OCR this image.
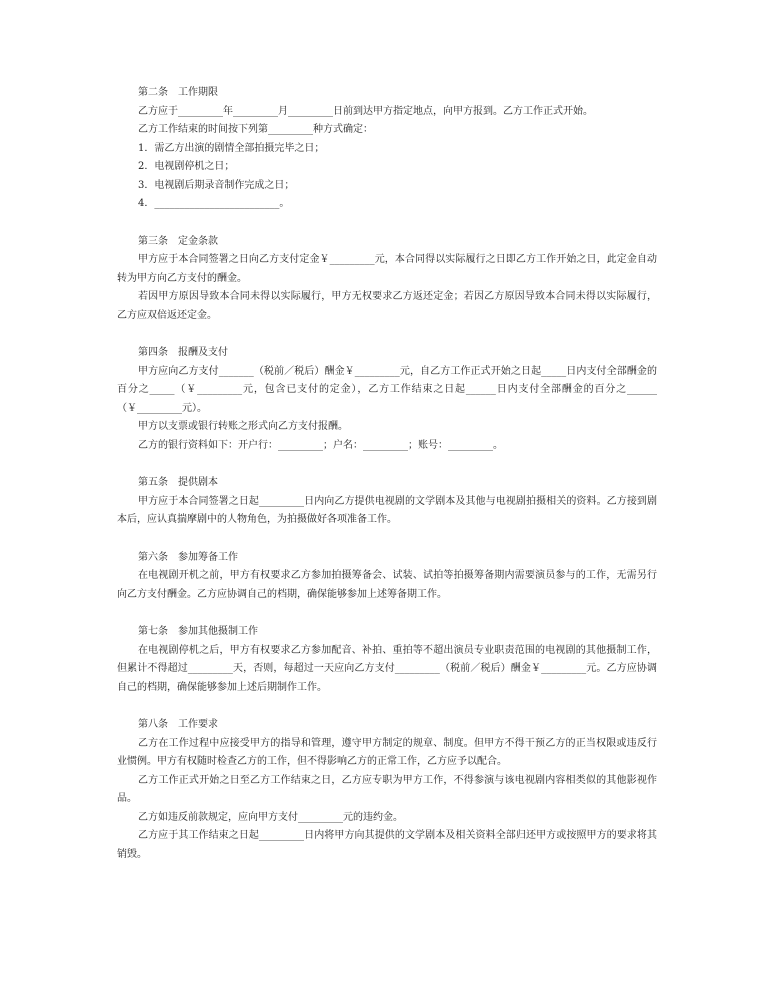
第二条　工作期限

乙方应于_________年_________月_________日前到达甲方指定地点，向甲方报到。乙方工作正式开始。

乙方工作结束的时间按下列第_________种方式确定：

1．需乙方出演的剧情全部拍摄完毕之日；

2．电视剧停机之日；

3．电视剧后期录音制作完成之日；

4．_________________________。

第三条　定金条款

甲方应于本合同签署之日向乙方支付定金￥_________元，本合同得以实际履行之日即乙方工作开始之日，此定金自动转为甲方向乙方支付的酬金。

若因甲方原因导致本合同未得以实际履行，甲方无权要求乙方返还定金；若因乙方原因导致本合同未得以实际履行，乙方应双倍返还定金。

第四条　报酬及支付

甲方应向乙方支付_______（税前／税后）酬金￥_________元，自乙方工作正式开始之日起_____日内支付全部酬金的百分之_____（￥_________元，包含已支付的定金），乙方工作结束之日起______日内支付全部酬金的百分之______（￥_________元）。

甲方以支票或银行转账之形式向乙方支付报酬。

乙方的银行资料如下：开户行：_________；户名：_________；账号：_________。

第五条　提供剧本

甲方应于本合同签署之日起_________日内向乙方提供电视剧的文学剧本及其他与电视剧拍摄相关的资料。乙方接到剧本后，应认真揣摩剧中的人物角色，为拍摄做好各项准备工作。

第六条　参加筹备工作

在电视剧开机之前，甲方有权要求乙方参加拍摄筹备会、试装、试拍等拍摄筹备期内需要演员参与的工作，无需另行向乙方支付酬金。乙方应协调自己的档期，确保能够参加上述筹备期工作。

第七条　参加其他摄制工作

在电视剧停机之后，甲方有权要求乙方参加配音、补拍、重拍等不超出演员专业职责范围的电视剧的其他摄制工作，但累计不得超过_________天，否则，每超过一天应向乙方支付_________（税前／税后）酬金￥_________元。乙方应协调自己的档期，确保能够参加上述后期制作工作。

第八条　工作要求

乙方在工作过程中应接受甲方的指导和管理，遵守甲方制定的规章、制度。但甲方不得干预乙方的正当权限或违反行业惯例。甲方有权随时检查乙方的工作，但不得影响乙方的正常工作，乙方应予以配合。

乙方工作正式开始之日至乙方工作结束之日，乙方应专职为甲方工作，不得参演与该电视剧内容相类似的其他影视作品。

乙方如违反前款规定，应向甲方支付_________元的违约金。

乙方应于其工作结束之日起_________日内将甲方向其提供的文学剧本及相关资料全部归还甲方或按照甲方的要求将其销毁。
